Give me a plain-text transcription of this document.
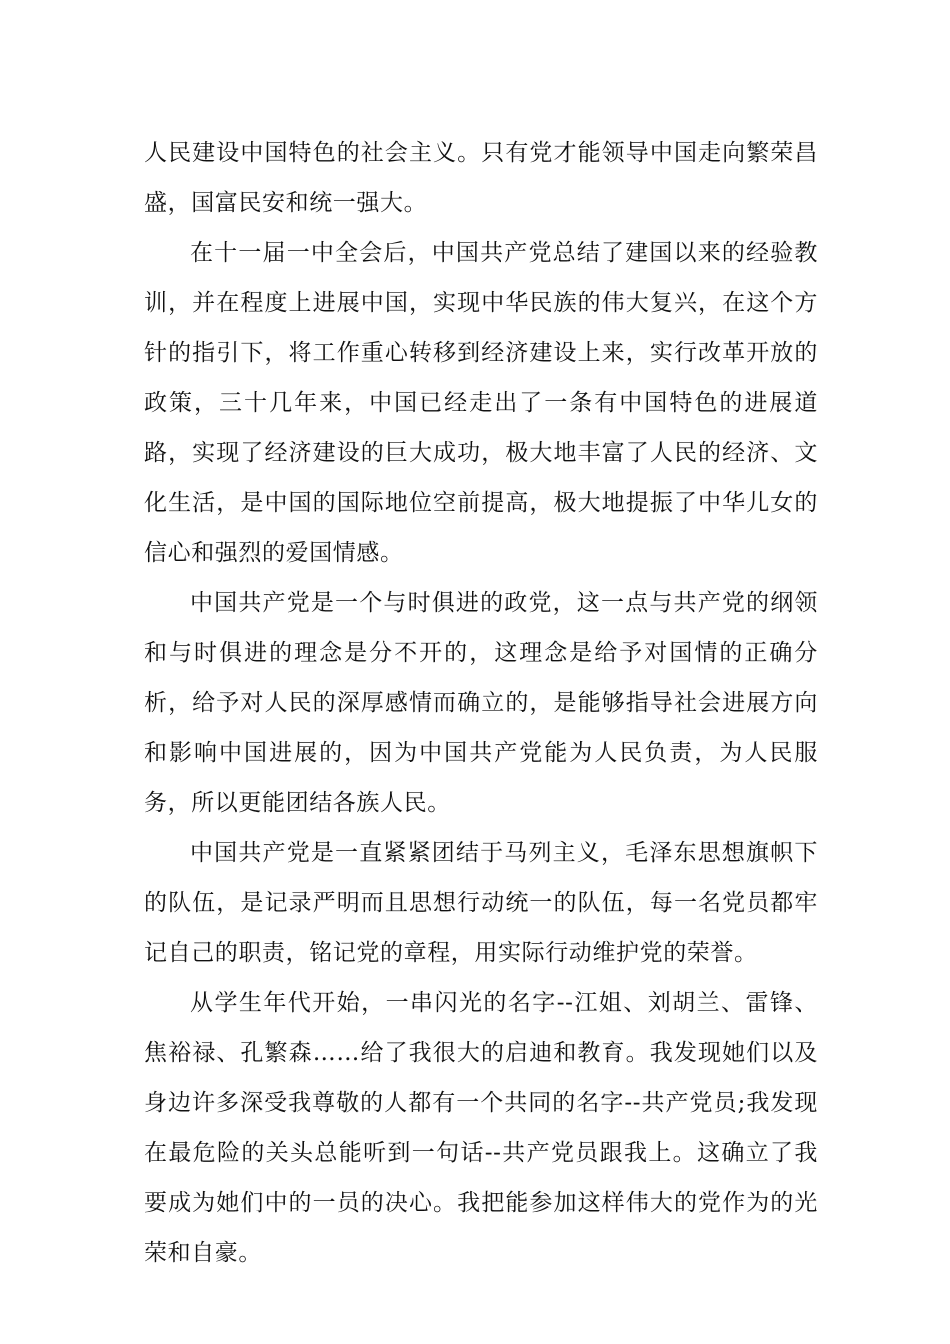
人民建设中国特色的社会主义。只有党才能领导中国走向繁荣昌盛，国富民安和统一强大。

在十一届一中全会后，中国共产党总结了建国以来的经验教训，并在程度上进展中国，实现中华民族的伟大复兴，在这个方针的指引下，将工作重心转移到经济建设上来，实行改革开放的政策，三十几年来，中国已经走出了一条有中国特色的进展道路，实现了经济建设的巨大成功，极大地丰富了人民的经济、文化生活，是中国的国际地位空前提高，极大地提振了中华儿女的信心和强烈的爱国情感。

中国共产党是一个与时俱进的政党，这一点与共产党的纲领和与时俱进的理念是分不开的，这理念是给予对国情的正确分析，给予对人民的深厚感情而确立的，是能够指导社会进展方向和影响中国进展的，因为中国共产党能为人民负责，为人民服务，所以更能团结各族人民。

中国共产党是一直紧紧团结于马列主义，毛泽东思想旗帜下的队伍，是记录严明而且思想行动统一的队伍，每一名党员都牢记自己的职责，铭记党的章程，用实际行动维护党的荣誉。

从学生年代开始，一串闪光的名字--江姐、刘胡兰、雷锋、焦裕禄、孔繁森……给了我很大的启迪和教育。我发现她们以及身边许多深受我尊敬的人都有一个共同的名字--共产党员;我发现在最危险的关头总能听到一句话--共产党员跟我上。这确立了我要成为她们中的一员的决心。我把能参加这样伟大的党作为的光荣和自豪。
